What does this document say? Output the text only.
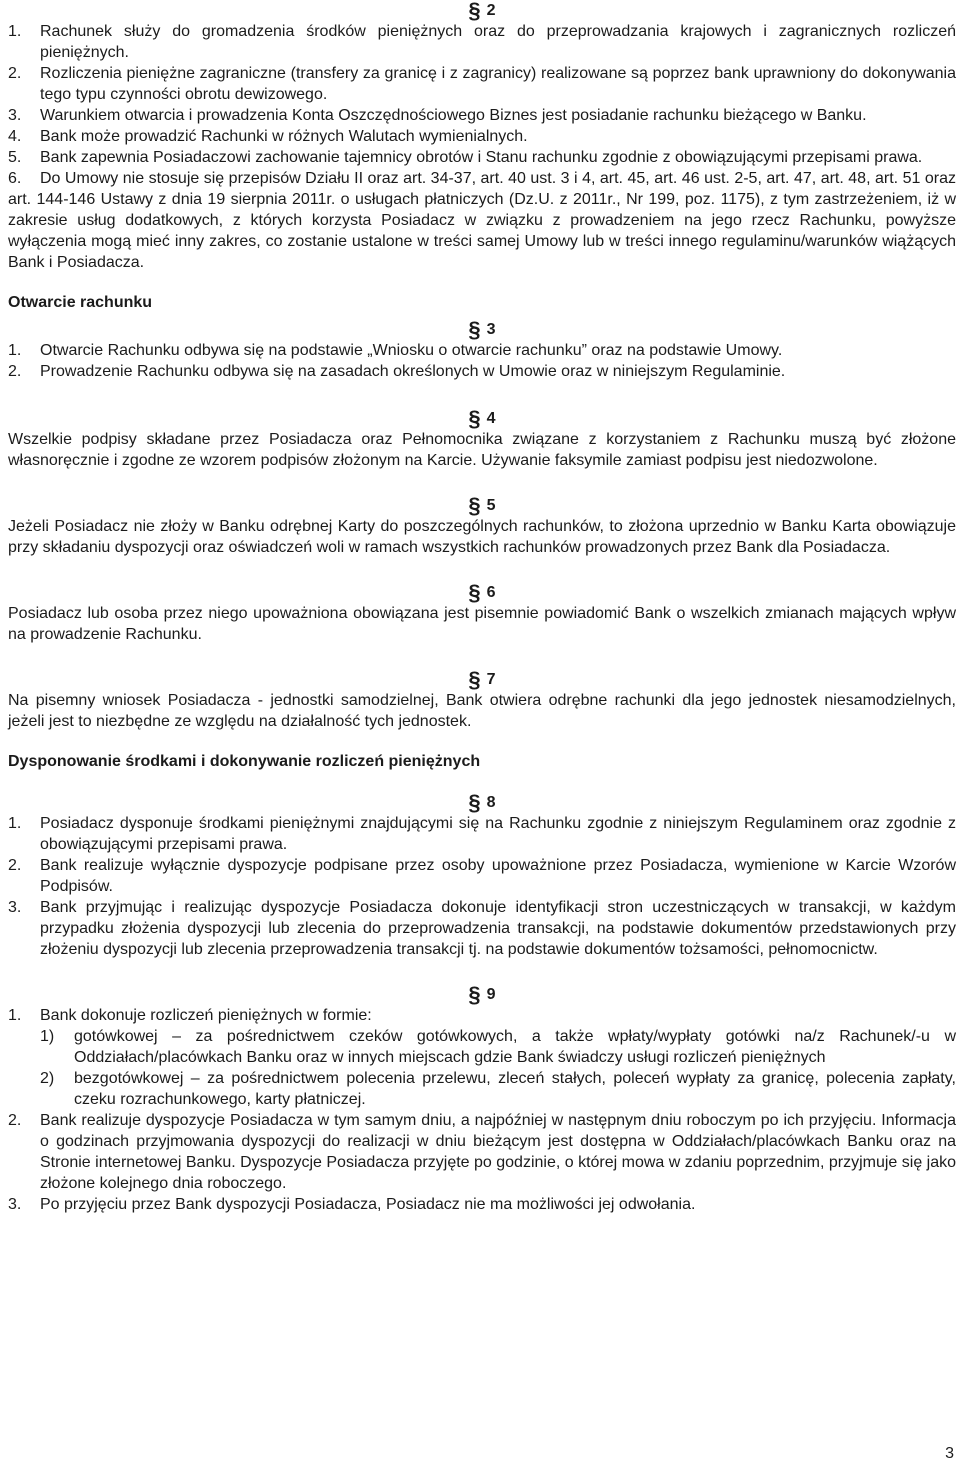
§ 2
1.	Rachunek służy do gromadzenia środków pieniężnych oraz do przeprowadzania krajowych i zagranicznych rozliczeń pieniężnych.
2.	Rozliczenia pieniężne zagraniczne (transfery za granicę i z zagranicy) realizowane są poprzez bank uprawniony do dokonywania tego typu czynności obrotu dewizowego.
3.	Warunkiem otwarcia i prowadzenia Konta Oszczędnościowego Biznes jest posiadanie rachunku bieżącego w Banku.
4.	Bank może prowadzić Rachunki w różnych Walutach wymienialnych.
5.	Bank zapewnia Posiadaczowi zachowanie tajemnicy obrotów i Stanu rachunku zgodnie z obowiązującymi przepisami prawa.
6. Do Umowy nie stosuje się przepisów Działu II oraz art. 34-37, art. 40 ust. 3 i 4, art. 45, art. 46 ust. 2-5, art. 47, art. 48, art. 51 oraz art. 144-146 Ustawy z dnia 19 sierpnia 2011r. o usługach płatniczych (Dz.U. z 2011r., Nr 199, poz. 1175), z tym zastrzeżeniem, iż w zakresie usług dodatkowych, z których korzysta Posiadacz w związku z prowadzeniem na jego rzecz Rachunku, powyższe wyłączenia mogą mieć inny zakres, co zostanie ustalone w treści samej Umowy lub w treści innego regulaminu/warunków wiążących Bank i Posiadacza.
Otwarcie rachunku
§ 3
1.	Otwarcie Rachunku odbywa się na podstawie „Wniosku o otwarcie rachunku” oraz na podstawie Umowy.
2.	Prowadzenie Rachunku odbywa się na zasadach określonych w Umowie oraz w niniejszym Regulaminie.
§ 4
Wszelkie podpisy składane przez Posiadacza oraz Pełnomocnika związane z korzystaniem z Rachunku muszą być złożone własnoręcznie i zgodne ze wzorem podpisów złożonym na Karcie. Używanie faksymile zamiast podpisu jest niedozwolone.
§ 5
Jeżeli Posiadacz nie złoży w Banku odrębnej Karty do poszczególnych rachunków, to złożona uprzednio w Banku Karta obowiązuje przy składaniu dyspozycji oraz oświadczeń woli w ramach wszystkich rachunków prowadzonych przez Bank dla Posiadacza.
§ 6
Posiadacz lub osoba przez niego upoważniona obowiązana jest pisemnie powiadomić Bank o wszelkich zmianach mających wpływ na prowadzenie Rachunku.
§ 7
Na pisemny wniosek Posiadacza - jednostki samodzielnej, Bank otwiera odrębne rachunki dla jego jednostek niesamodzielnych, jeżeli jest to niezbędne ze względu na działalność tych jednostek.
Dysponowanie środkami i dokonywanie rozliczeń pieniężnych
§ 8
1.	Posiadacz dysponuje środkami pieniężnymi znajdującymi się na Rachunku zgodnie z niniejszym Regulaminem oraz zgodnie z obowiązującymi przepisami prawa.
2.	Bank realizuje wyłącznie dyspozycje podpisane przez osoby upoważnione przez Posiadacza, wymienione w Karcie Wzorów Podpisów.
3.	Bank przyjmując i realizując dyspozycje Posiadacza dokonuje identyfikacji stron uczestniczących w transakcji, w każdym przypadku złożenia dyspozycji lub zlecenia do przeprowadzenia transakcji, na podstawie dokumentów przedstawionych przy złożeniu dyspozycji lub zlecenia przeprowadzenia transakcji tj. na podstawie dokumentów tożsamości, pełnomocnictw.
§ 9
1.	Bank dokonuje rozliczeń pieniężnych w formie:
1)	gotówkowej – za pośrednictwem czeków gotówkowych, a także wpłaty/wypłaty gotówki na/z Rachunek/-u w Oddziałach/placówkach Banku oraz w innych miejscach gdzie Bank świadczy usługi rozliczeń pieniężnych
2)	bezgotówkowej – za pośrednictwem polecenia przelewu, zleceń stałych, poleceń wypłaty za granicę, polecenia zapłaty, czeku rozrachunkowego, karty płatniczej.
2.	Bank realizuje dyspozycje Posiadacza w tym samym dniu, a najpóźniej w następnym dniu roboczym po ich przyjęciu. Informacja o godzinach przyjmowania dyspozycji do realizacji w dniu bieżącym jest dostępna w Oddziałach/placówkach Banku oraz na Stronie internetowej Banku. Dyspozycje Posiadacza przyjęte po godzinie, o której mowa w zdaniu poprzednim, przyjmuje się jako złożone kolejnego dnia roboczego.
3.	Po przyjęciu przez Bank dyspozycji Posiadacza, Posiadacz nie ma możliwości jej odwołania.
3
